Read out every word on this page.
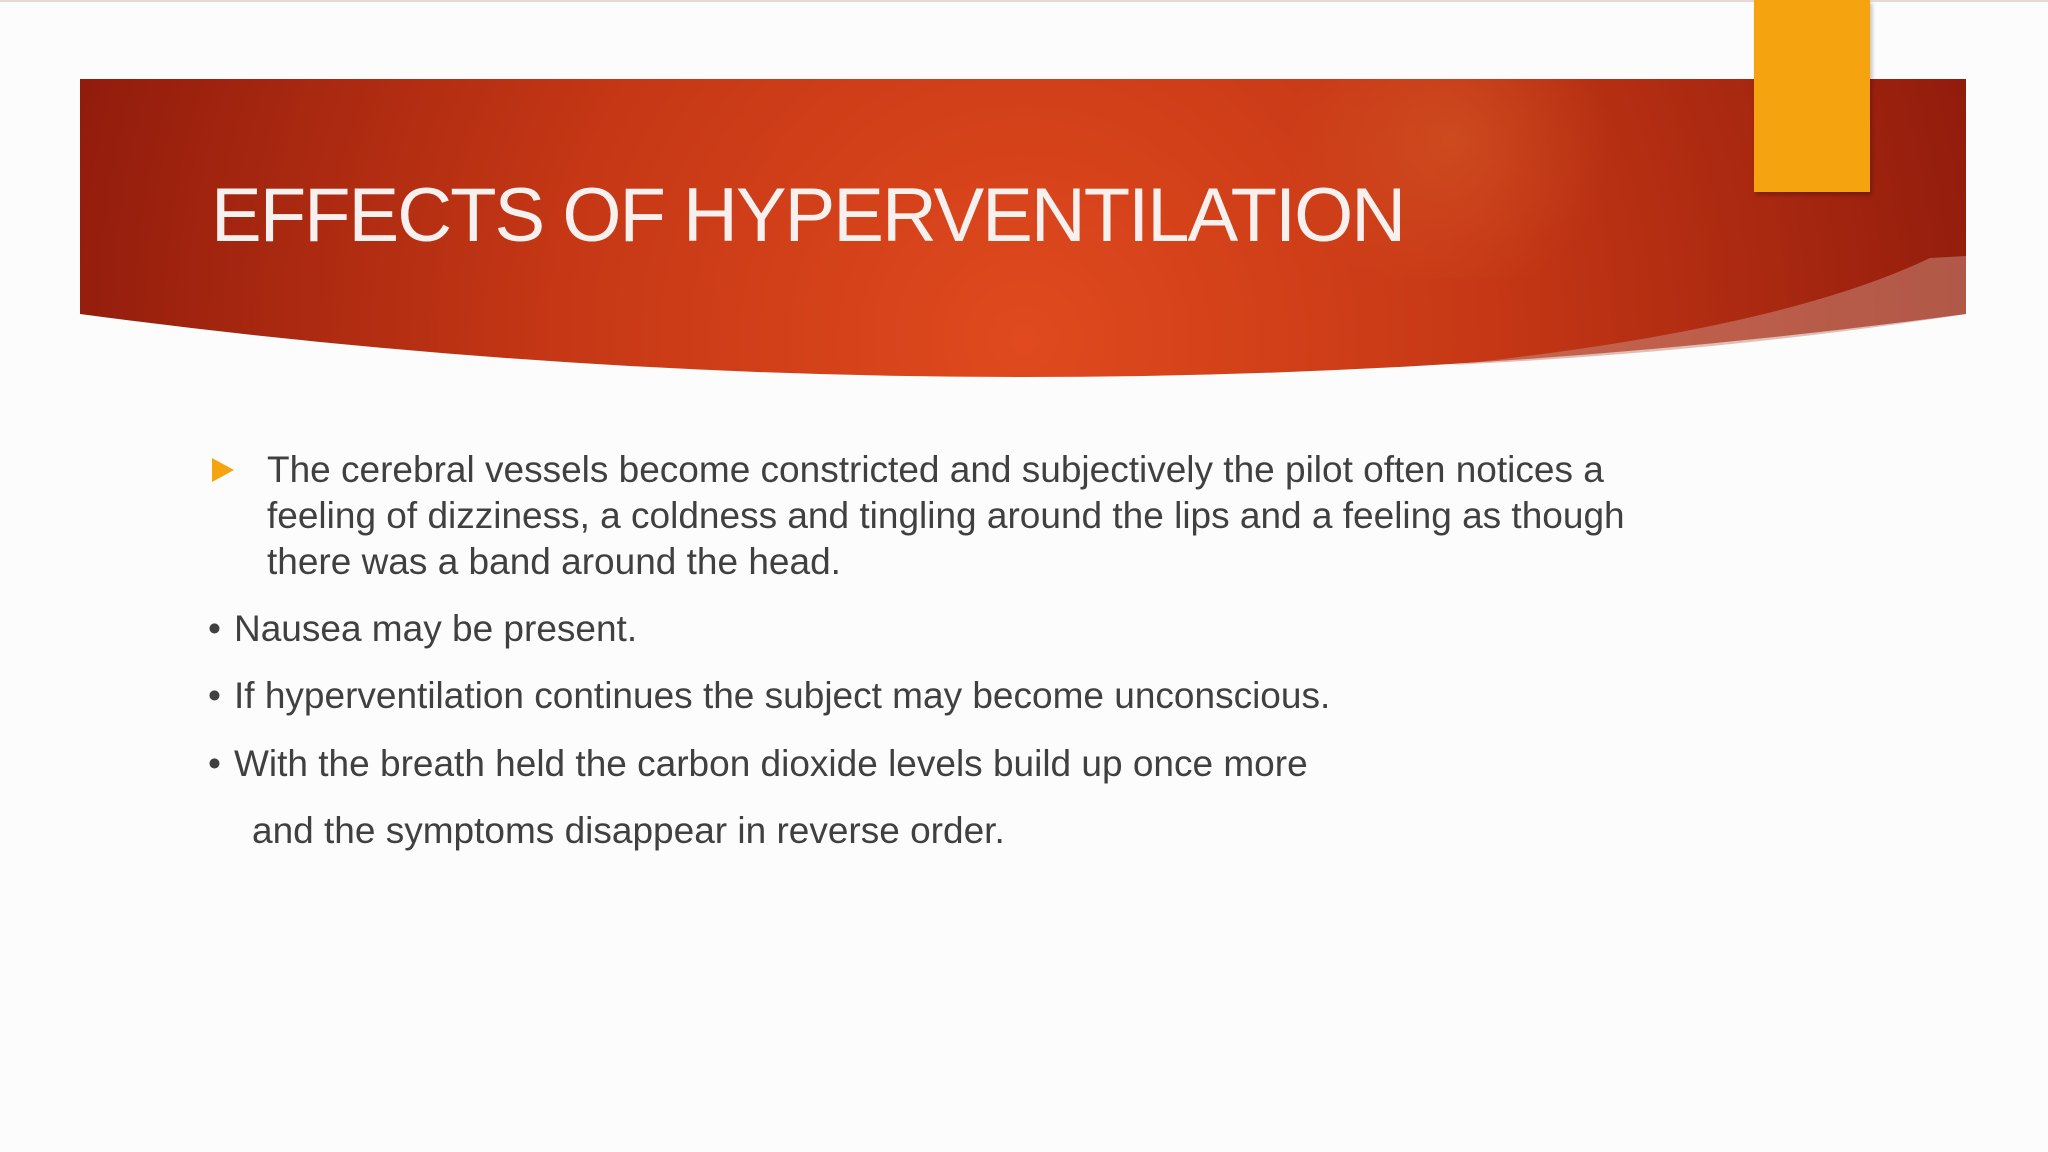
EFFECTS OF HYPERVENTILATION

The cerebral vessels become constricted and subjectively the pilot often notices a feeling of dizziness, a coldness and tingling around the lips and a feeling as though there was a band around the head.

• Nausea may be present.
• If hyperventilation continues the subject may become unconscious.
• With the breath held the carbon dioxide levels build up once more
and the symptoms disappear in reverse order.
